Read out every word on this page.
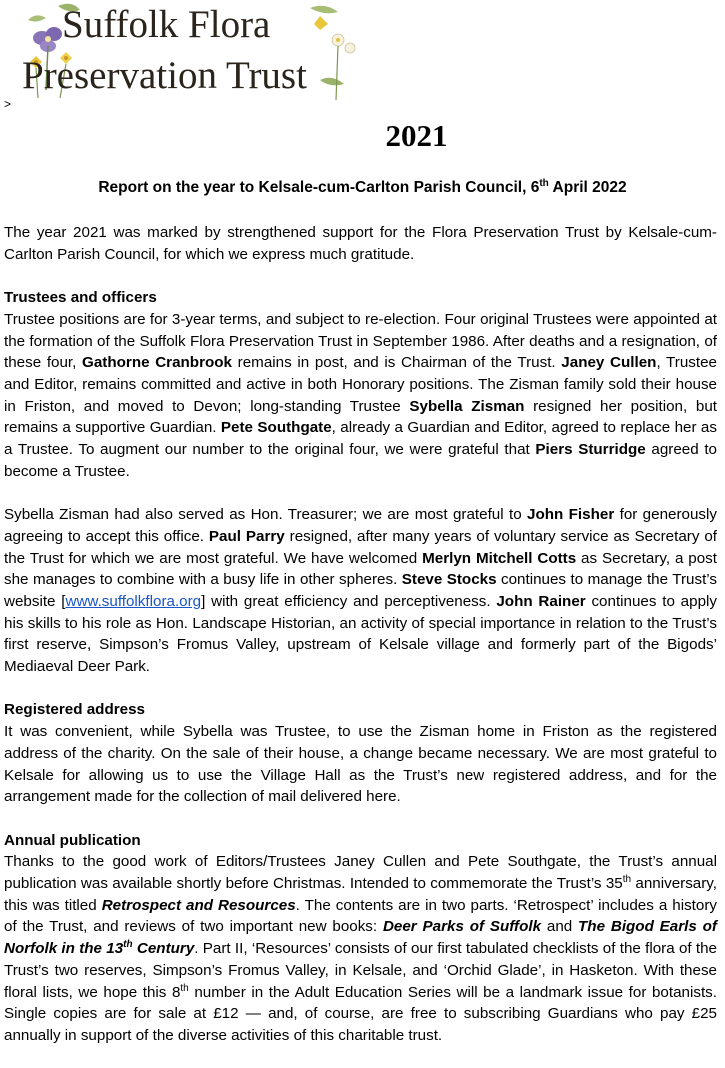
Suffolk Flora
Preservation Trust
>
2021
Report on the year to Kelsale-cum-Carlton Parish Council, 6th April 2022

The year 2021 was marked by strengthened support for the Flora Preservation Trust by Kelsale-cum-Carlton Parish Council, for which we express much gratitude.

Trustees and officers

Trustee positions are for 3-year terms, and subject to re-election. Four original Trustees were appointed at the formation of the Suffolk Flora Preservation Trust in September 1986. After deaths and a resignation, of these four, Gathorne Cranbrook remains in post, and is Chairman of the Trust. Janey Cullen, Trustee and Editor, remains committed and active in both Honorary positions. The Zisman family sold their house in Friston, and moved to Devon; long-standing Trustee Sybella Zisman resigned her position, but remains a supportive Guardian. Pete Southgate, already a Guardian and Editor, agreed to replace her as a Trustee. To augment our number to the original four, we were grateful that Piers Sturridge agreed to become a Trustee.

Sybella Zisman had also served as Hon. Treasurer; we are most grateful to John Fisher for generously agreeing to accept this office. Paul Parry resigned, after many years of voluntary service as Secretary of the Trust for which we are most grateful. We have welcomed Merlyn Mitchell Cotts as Secretary, a post she manages to combine with a busy life in other spheres. Steve Stocks continues to manage the Trust’s website [www.suffolkflora.org] with great efficiency and perceptiveness. John Rainer continues to apply his skills to his role as Hon. Landscape Historian, an activity of special importance in relation to the Trust’s first reserve, Simpson’s Fromus Valley, upstream of Kelsale village and formerly part of the Bigods’ Mediaeval Deer Park.

Registered address

It was convenient, while Sybella was Trustee, to use the Zisman home in Friston as the registered address of the charity. On the sale of their house, a change became necessary. We are most grateful to Kelsale for allowing us to use the Village Hall as the Trust’s new registered address, and for the arrangement made for the collection of mail delivered here.

Annual publication

Thanks to the good work of Editors/Trustees Janey Cullen and Pete Southgate, the Trust’s annual publication was available shortly before Christmas. Intended to commemorate the Trust’s 35th anniversary, this was titled Retrospect and Resources. The contents are in two parts. ‘Retrospect’ includes a history of the Trust, and reviews of two important new books: Deer Parks of Suffolk and The Bigod Earls of Norfolk in the 13th Century. Part II, ‘Resources’ consists of our first tabulated checklists of the flora of the Trust’s two reserves, Simpson’s Fromus Valley, in Kelsale, and ‘Orchid Glade’, in Hasketon. With these floral lists, we hope this 8th number in the Adult Education Series will be a landmark issue for botanists. Single copies are for sale at £12 — and, of course, are free to subscribing Guardians who pay £25 annually in support of the diverse activities of this charitable trust.
